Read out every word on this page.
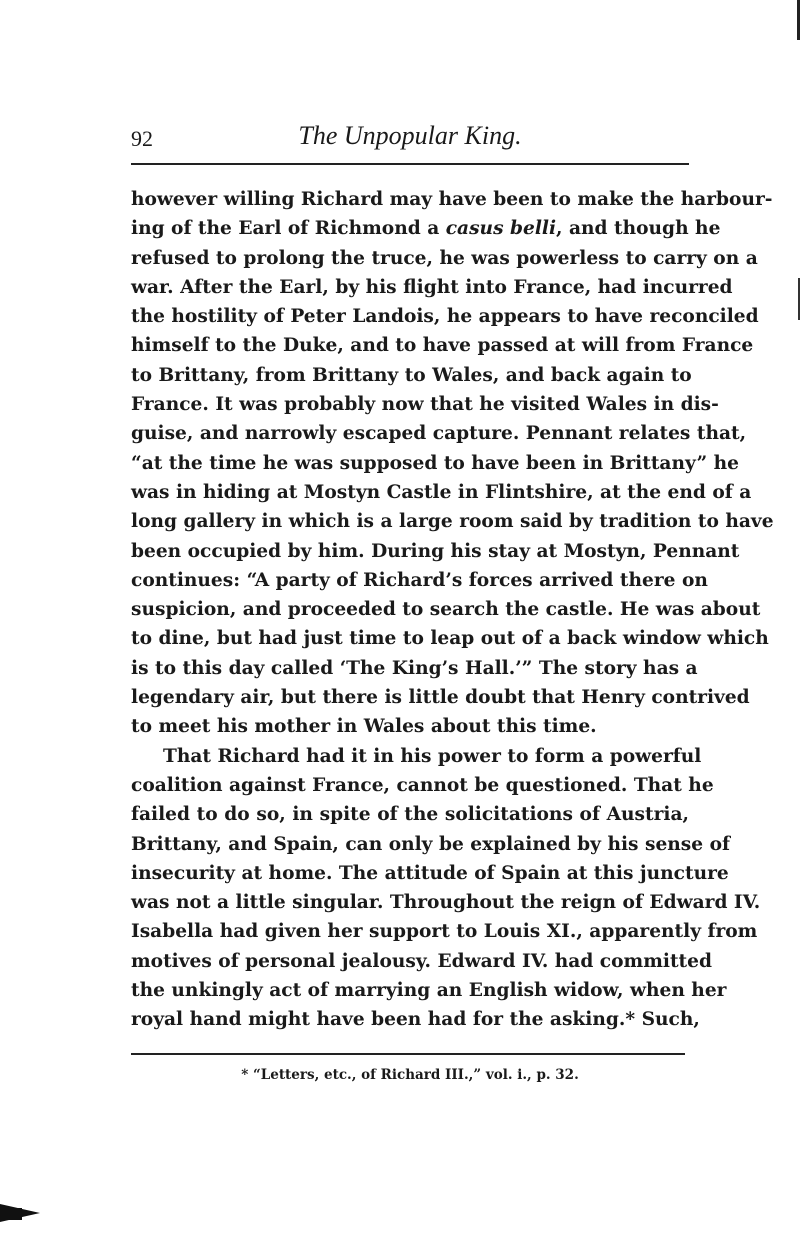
92	The Unpopular King.
however willing Richard may have been to make the harbour-
ing of the Earl of Richmond a casus belli, and though he
refused to prolong the truce, he was powerless to carry on a
war. After the Earl, by his flight into France, had incurred
the hostility of Peter Landois, he appears to have reconciled
himself to the Duke, and to have passed at will from France
to Brittany, from Brittany to Wales, and back again to
France. It was probably now that he visited Wales in dis-
guise, and narrowly escaped capture. Pennant relates that,
“at the time he was supposed to have been in Brittany” he
was in hiding at Mostyn Castle in Flintshire, at the end of a
long gallery in which is a large room said by tradition to have
been occupied by him. During his stay at Mostyn, Pennant
continues: “A party of Richard’s forces arrived there on
suspicion, and proceeded to search the castle. He was about
to dine, but had just time to leap out of a back window which
is to this day called ‘The King’s Hall.’” The story has a
legendary air, but there is little doubt that Henry contrived
to meet his mother in Wales about this time.
That Richard had it in his power to form a powerful
coalition against France, cannot be questioned. That he
failed to do so, in spite of the solicitations of Austria,
Brittany, and Spain, can only be explained by his sense of
insecurity at home. The attitude of Spain at this juncture
was not a little singular. Throughout the reign of Edward IV.
Isabella had given her support to Louis XI., apparently from
motives of personal jealousy. Edward IV. had committed
the unkingly act of marrying an English widow, when her
royal hand might have been had for the asking.* Such,
* “Letters, etc., of Richard III.,” vol. i., p. 32.
